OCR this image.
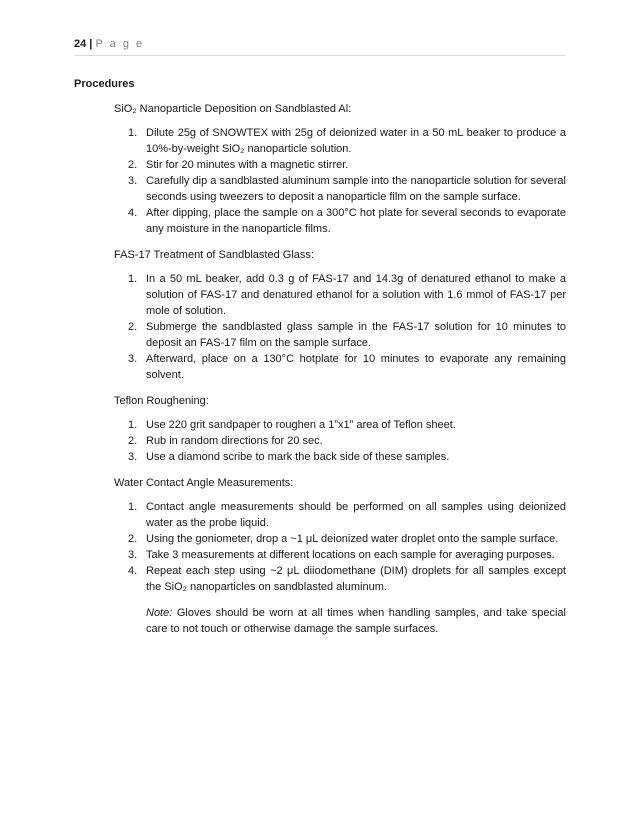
24 | P a g e
Procedures
SiO₂ Nanoparticle Deposition on Sandblasted Al:
1. Dilute 25g of SNOWTEX with 25g of deionized water in a 50 mL beaker to produce a 10%-by-weight SiO₂ nanoparticle solution.
2. Stir for 20 minutes with a magnetic stirrer.
3. Carefully dip a sandblasted aluminum sample into the nanoparticle solution for several seconds using tweezers to deposit a nanoparticle film on the sample surface.
4. After dipping, place the sample on a 300°C hot plate for several seconds to evaporate any moisture in the nanoparticle films.
FAS-17 Treatment of Sandblasted Glass:
1. In a 50 mL beaker, add 0.3 g of FAS-17 and 14.3g of denatured ethanol to make a solution of FAS-17 and denatured ethanol for a solution with 1.6 mmol of FAS-17 per mole of solution.
2. Submerge the sandblasted glass sample in the FAS-17 solution for 10 minutes to deposit an FAS-17 film on the sample surface.
3. Afterward, place on a 130°C hotplate for 10 minutes to evaporate any remaining solvent.
Teflon Roughening:
1. Use 220 grit sandpaper to roughen a 1”x1” area of Teflon sheet.
2. Rub in random directions for 20 sec.
3. Use a diamond scribe to mark the back side of these samples.
Water Contact Angle Measurements:
1. Contact angle measurements should be performed on all samples using deionized water as the probe liquid.
2. Using the goniometer, drop a ~1 μL deionized water droplet onto the sample surface.
3. Take 3 measurements at different locations on each sample for averaging purposes.
4. Repeat each step using ~2 μL diiodomethane (DIM) droplets for all samples except the SiO₂ nanoparticles on sandblasted aluminum.
Note: Gloves should be worn at all times when handling samples, and take special care to not touch or otherwise damage the sample surfaces.
